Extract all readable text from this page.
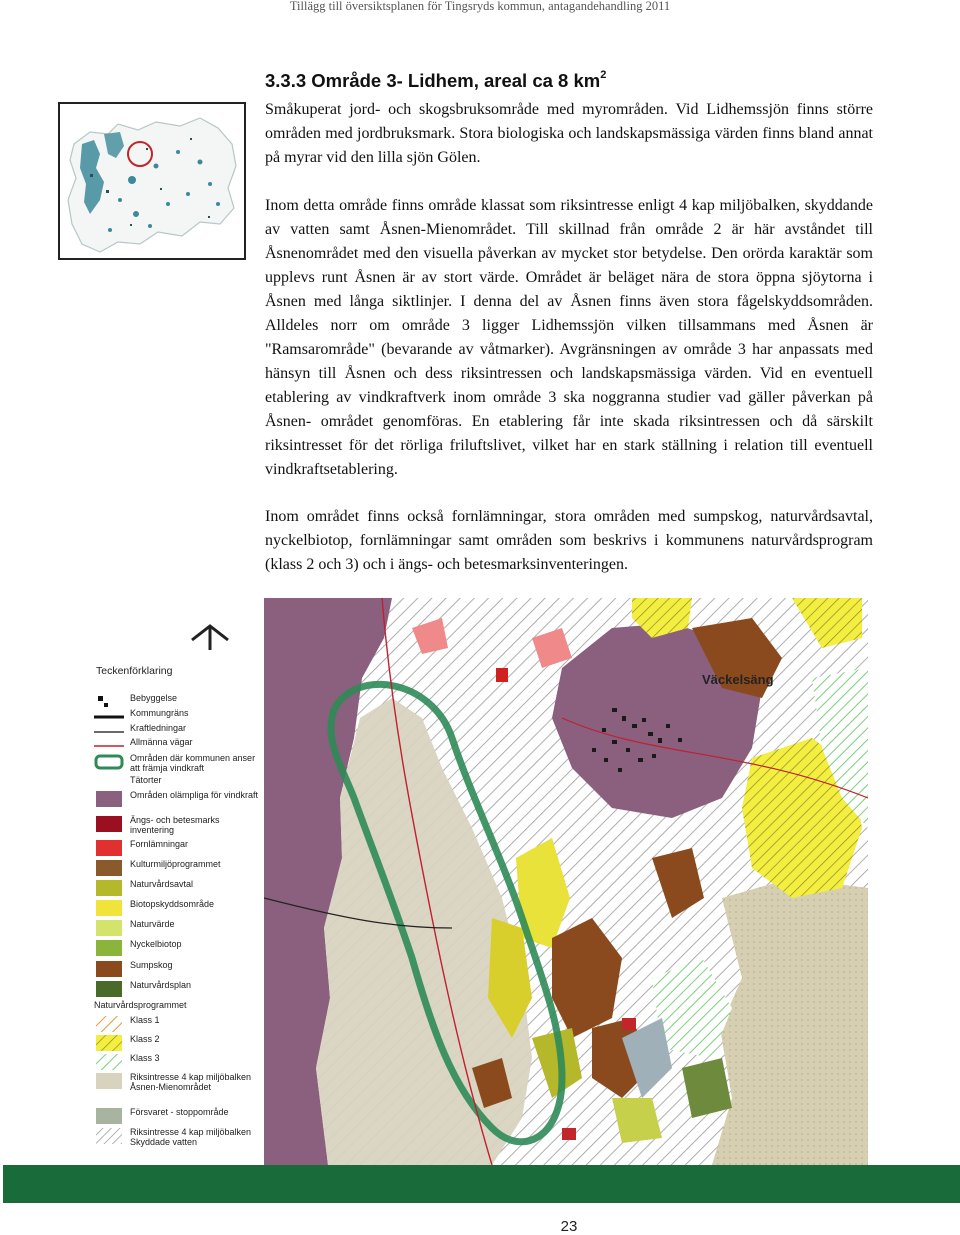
Tillägg till översiktsplanen för Tingsryds kommun, antagandehandling 2011
3.3.3 Område 3- Lidhem, areal ca 8 $km^2$

Småkuperat jord- och skogsbruksområde med myrområden. Vid Lidhemssjön finns större områden med jordbruksmark. Stora biologiska och landskapsmässiga värden finns bland annat på myrar vid den lilla sjön Gölen.

Inom detta område finns område klassat som riksintresse enligt 4 kap miljöbalken, skyddande av vatten samt Åsnen-Mienområdet. Till skillnad från område 2 är här avståndet till Åsnenområdet med den visuella påverkan av mycket stor betydelse. Den orörda karaktär som upplevs runt Åsnen är av stort värde. Området är beläget nära de stora öppna sjöytorna i Åsnen med långa siktlinjer. I denna del av Åsnen finns även stora fågelskyddsområden. Alldeles norr om område 3 ligger Lidhemssjön vilken tillsammans med Åsnen är "Ramsarområde" (bevarande av våtmarker). Avgränsningen av område 3 har anpassats med hänsyn till Åsnen och dess riksintressen och landskapsmässiga värden. Vid en eventuell etablering av vindkraftverk inom område 3 ska noggranna studier vad gäller påverkan på Åsnen- området genomföras. En etablering får inte skada riksintressen och då särskilt riksintresset för det rörliga friluftslivet, vilket har en stark ställning i relation till eventuell vindkraftsetablering.

Inom området finns också fornlämningar, stora områden med sumpskog, naturvårdsavtal, nyckelbiotop, fornlämningar samt områden som beskrivs i kommunens naturvårdsprogram (klass 2 och 3) och i ängs- och betesmarksinventeringen.

Väckelsäng
Teckenförklaring
Bebyggelse
Kommungräns
Kraftledningar
Allmänna vägar
Områden där kommunen anser att främja vindkraft
Tätorter
Områden olämpliga för vindkraft
Ängs- och betesmarks inventering
Fornlämningar
Kulturmiljöprogrammet
Naturvårdsavtal
Biotopskyddsområde
Naturvärde
Nyckelbiotop
Sumpskog
Naturvårdsplan
Naturvårdsprogrammet
Klass 1
Klass 2
Klass 3
Riksintresse 4 kap miljöbalken Åsnen-Mienområdet
Försvaret - stoppområde
Riksintresse 4 kap miljöbalken Skyddade vatten
23
